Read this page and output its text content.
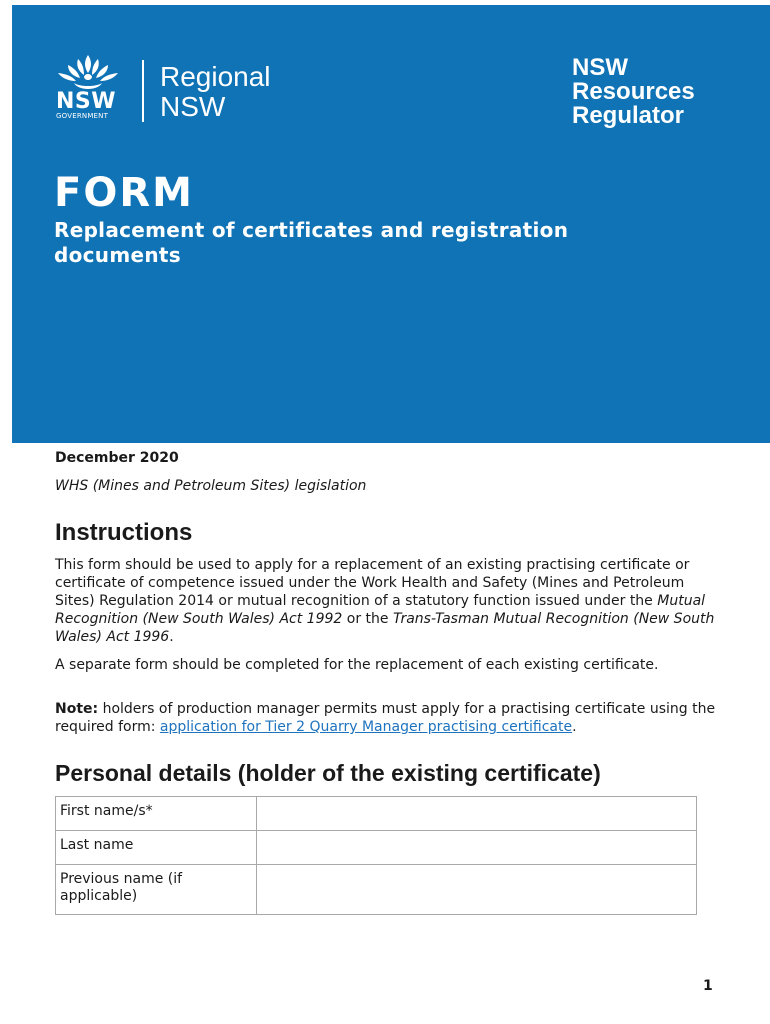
NSW
GOVERNMENT
Regional
NSW
NSW
Resources
Regulator
FORM
Replacement of certificates and registration documents
December 2020
WHS (Mines and Petroleum Sites) legislation
Instructions
This form should be used to apply for a replacement of an existing practising certificate or certificate of competence issued under the Work Health and Safety (Mines and Petroleum Sites) Regulation 2014 or mutual recognition of a statutory function issued under the Mutual Recognition (New South Wales) Act 1992 or the Trans-Tasman Mutual Recognition (New South Wales) Act 1996.
A separate form should be completed for the replacement of each existing certificate.
Note: holders of production manager permits must apply for a practising certificate using the required form: application for Tier 2 Quarry Manager practising certificate.
Personal details (holder of the existing certificate)
First name/s*	
Last name	
Previous name (if applicable)	
1
